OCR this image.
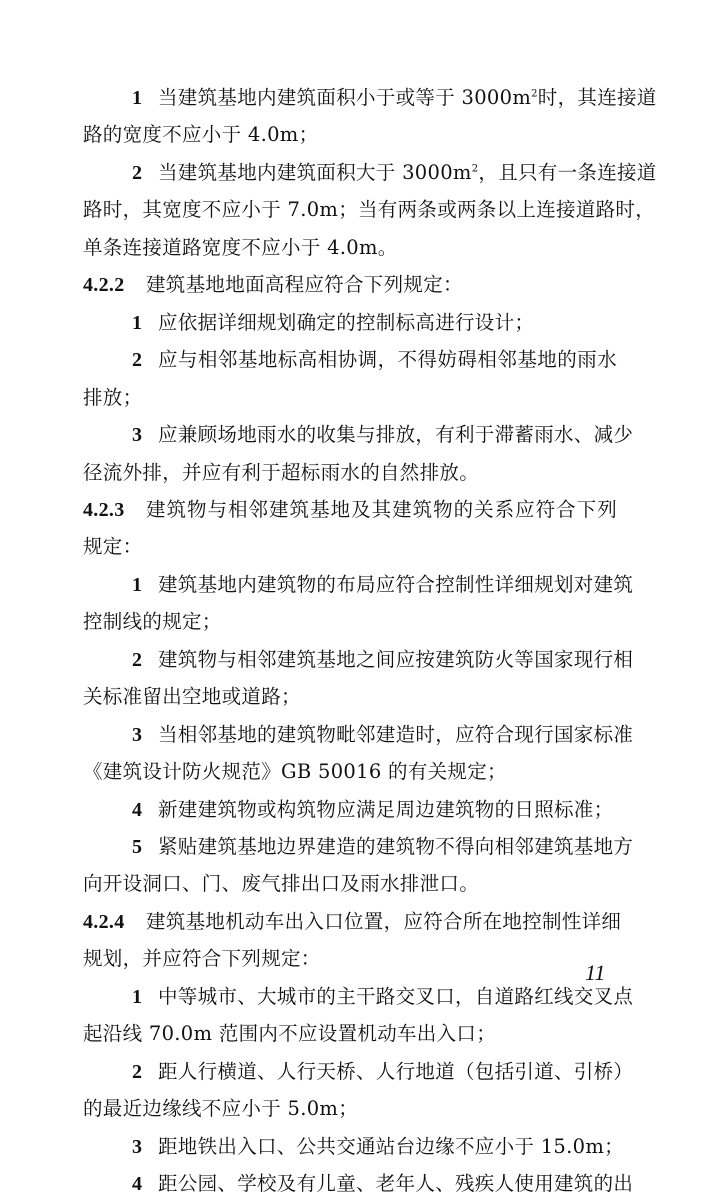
1 当建筑基地内建筑面积小于或等于 $3000m^2$时，其连接道
路的宽度不应小于 4.0m；
2 当建筑基地内建筑面积大于 $3000m^2$，且只有一条连接道
路时，其宽度不应小于 7.0m；当有两条或两条以上连接道路时，
单条连接道路宽度不应小于 4.0m。
4.2.2 建筑基地地面高程应符合下列规定：
1 应依据详细规划确定的控制标高进行设计；
2 应与相邻基地标高相协调，不得妨碍相邻基地的雨水
排放；
3 应兼顾场地雨水的收集与排放，有利于滞蓄雨水、减少
径流外排，并应有利于超标雨水的自然排放。
4.2.3 建筑物与相邻建筑基地及其建筑物的关系应符合下列
规定：
1 建筑基地内建筑物的布局应符合控制性详细规划对建筑
控制线的规定；
2 建筑物与相邻建筑基地之间应按建筑防火等国家现行相
关标准留出空地或道路；
3 当相邻基地的建筑物毗邻建造时，应符合现行国家标准
《建筑设计防火规范》GB 50016 的有关规定；
4 新建建筑物或构筑物应满足周边建筑物的日照标准；
5 紧贴建筑基地边界建造的建筑物不得向相邻建筑基地方
向开设洞口、门、废气排出口及雨水排泄口。
4.2.4 建筑基地机动车出入口位置，应符合所在地控制性详细
规划，并应符合下列规定：
1 中等城市、大城市的主干路交叉口，自道路红线交叉点
起沿线 70.0m 范围内不应设置机动车出入口；
2 距人行横道、人行天桥、人行地道（包括引道、引桥）
的最近边缘线不应小于 5.0m；
3 距地铁出入口、公共交通站台边缘不应小于 15.0m；
4 距公园、学校及有儿童、老年人、残疾人使用建筑的出
11
